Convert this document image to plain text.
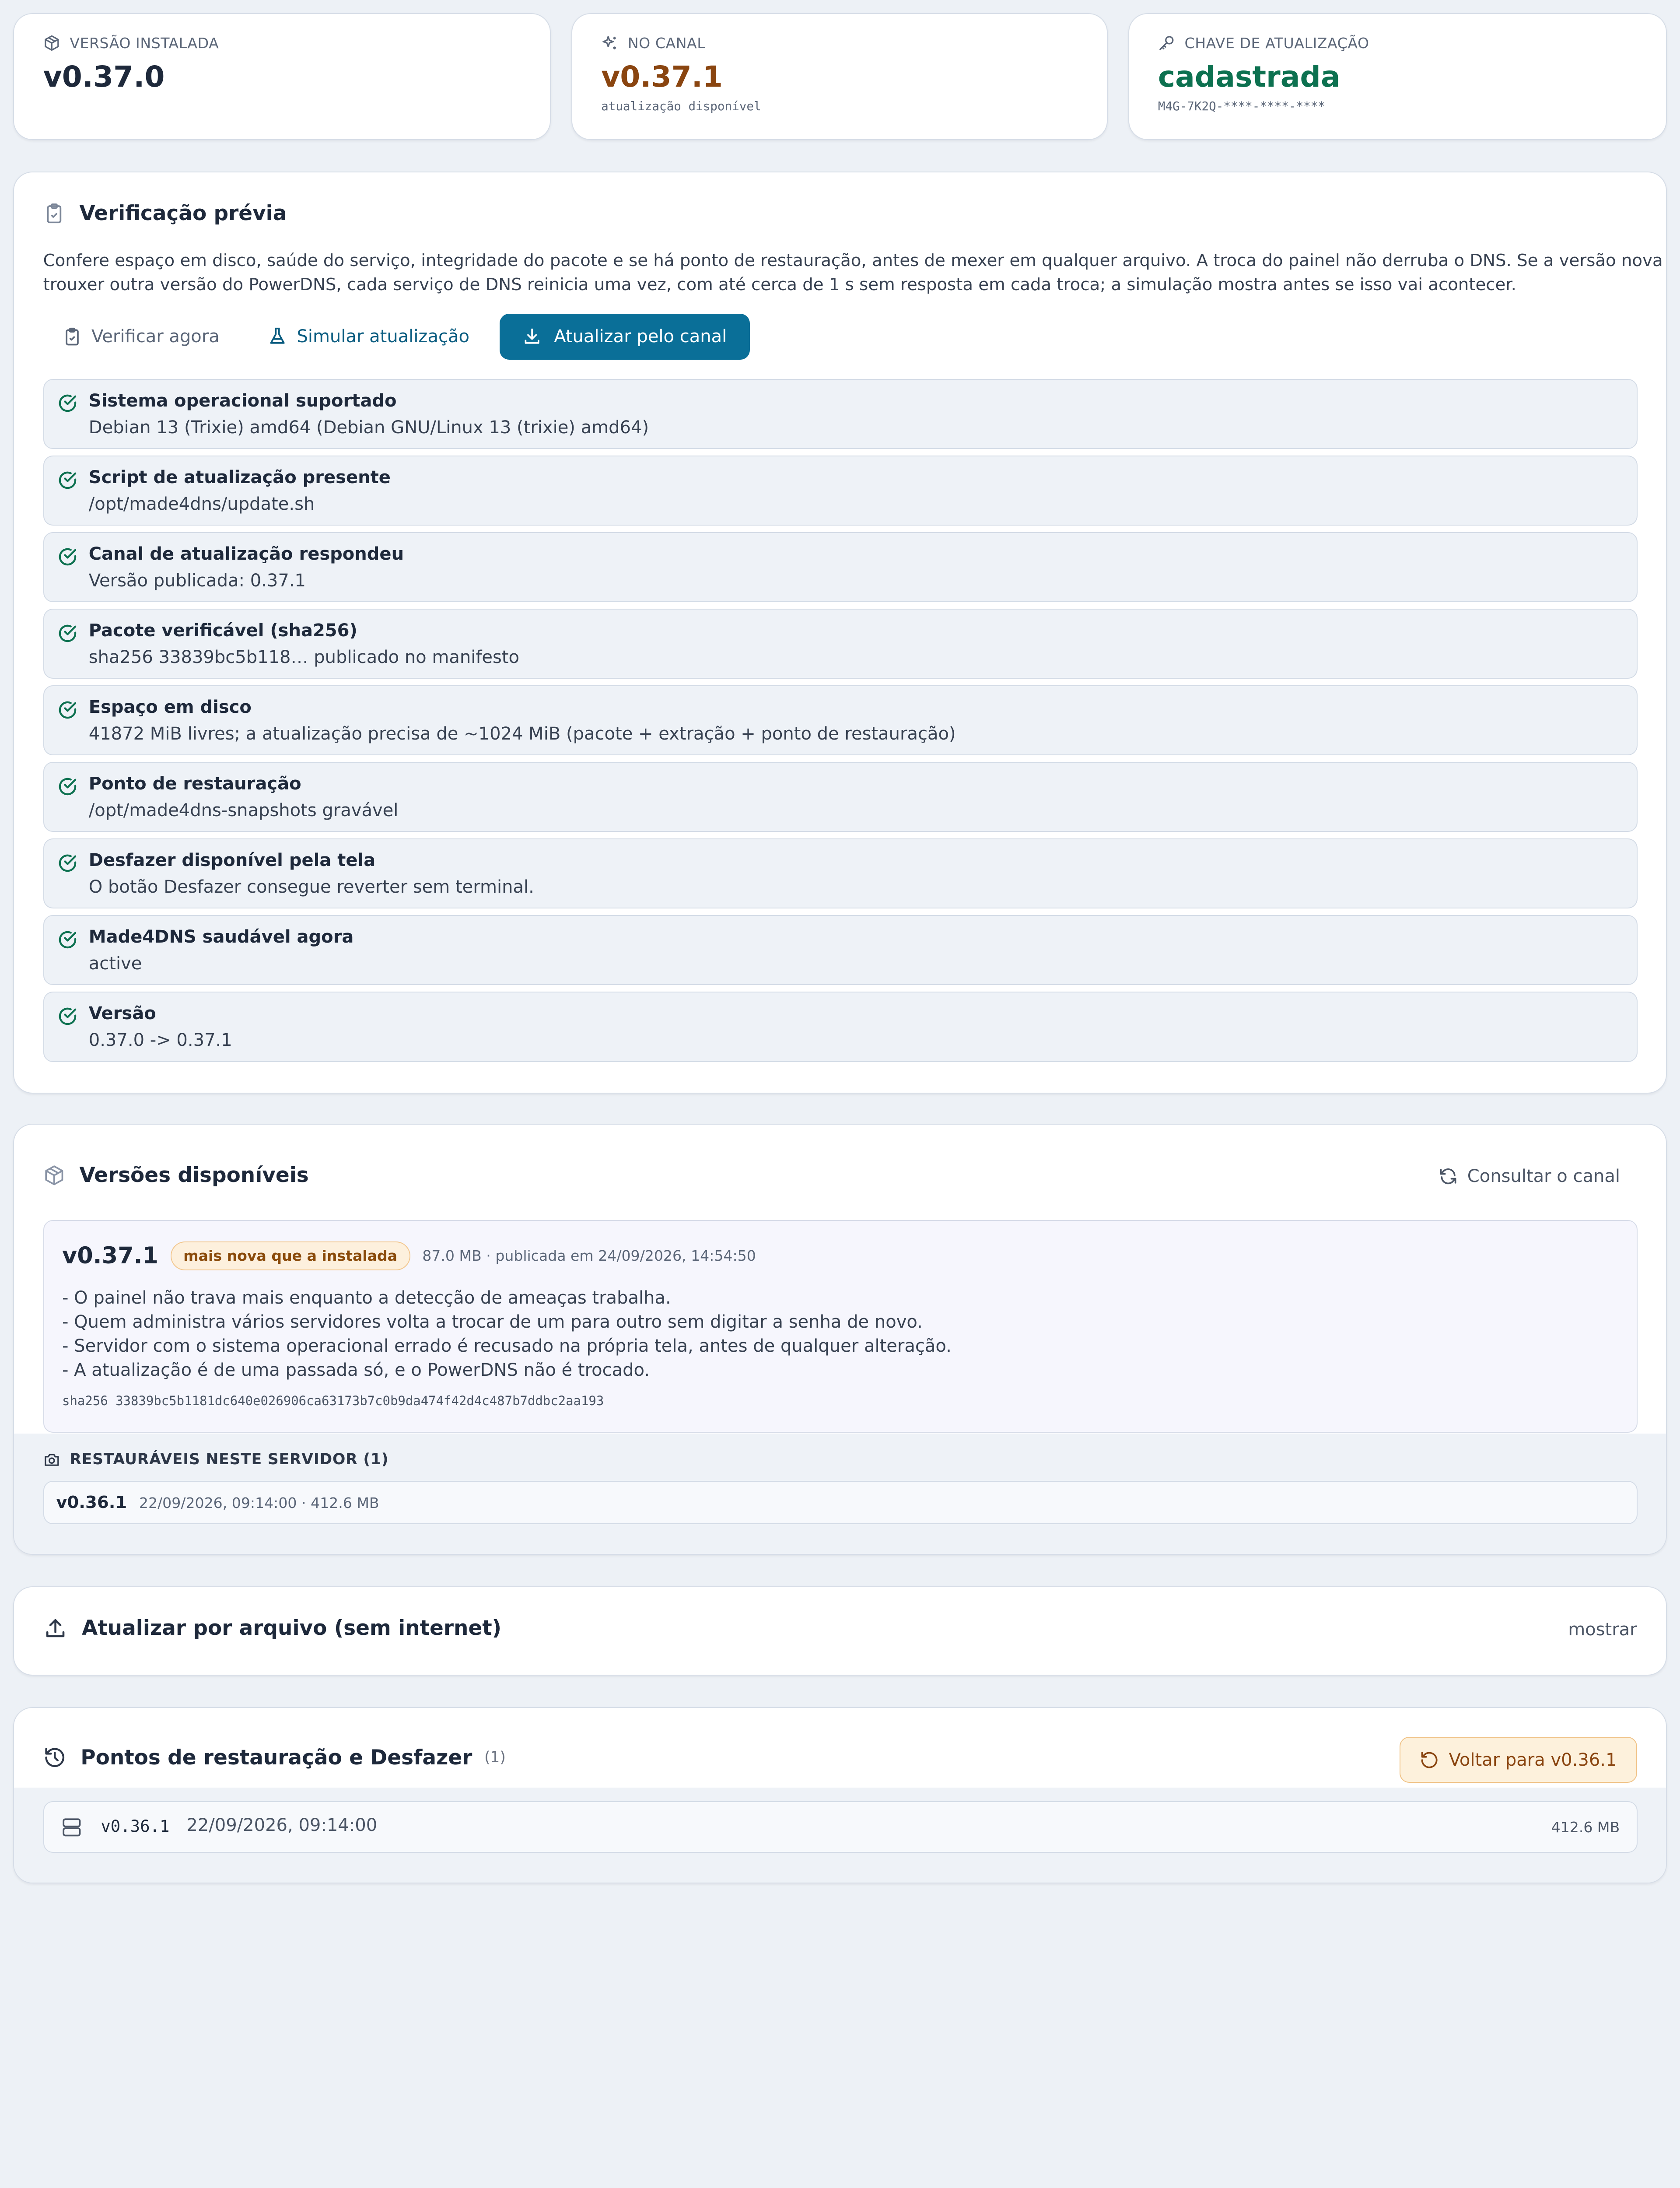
VERSÃO INSTALADA
v0.37.0
NO CANAL
v0.37.1
atualização disponível
CHAVE DE ATUALIZAÇÃO
cadastrada
M4G-7K2Q-****-****-****
Verificação prévia
Confere espaço em disco, saúde do serviço, integridade do pacote e se há ponto de restauração, antes de mexer em qualquer arquivo. A troca do painel não derruba o DNS. Se a versão nova
trouxer outra versão do PowerDNS, cada serviço de DNS reinicia uma vez, com até cerca de 1 s sem resposta em cada troca; a simulação mostra antes se isso vai acontecer.
Verificar agora	Simular atualização	Atualizar pelo canal
Sistema operacional suportado
Debian 13 (Trixie) amd64 (Debian GNU/Linux 13 (trixie) amd64)
Script de atualização presente
/opt/made4dns/update.sh
Canal de atualização respondeu
Versão publicada: 0.37.1
Pacote verificável (sha256)
sha256 33839bc5b118… publicado no manifesto
Espaço em disco
41872 MiB livres; a atualização precisa de ~1024 MiB (pacote + extração + ponto de restauração)
Ponto de restauração
/opt/made4dns-snapshots gravável
Desfazer disponível pela tela
O botão Desfazer consegue reverter sem terminal.
Made4DNS saudável agora
active
Versão
0.37.0 -> 0.37.1
Versões disponíveis	Consultar o canal
v0.37.1	mais nova que a instalada	87.0 MB · publicada em 24/09/2026, 14:54:50
- O painel não trava mais enquanto a detecção de ameaças trabalha.
- Quem administra vários servidores volta a trocar de um para outro sem digitar a senha de novo.
- Servidor com o sistema operacional errado é recusado na própria tela, antes de qualquer alteração.
- A atualização é de uma passada só, e o PowerDNS não é trocado.
sha256 33839bc5b1181dc640e026906ca63173b7c0b9da474f42d4c487b7ddbc2aa193
RESTAURÁVEIS NESTE SERVIDOR (1)
v0.36.1 22/09/2026, 09:14:00 · 412.6 MB
Atualizar por arquivo (sem internet)	mostrar
Pontos de restauração e Desfazer (1)	Voltar para v0.36.1
v0.36.1	22/09/2026, 09:14:00	412.6 MB
